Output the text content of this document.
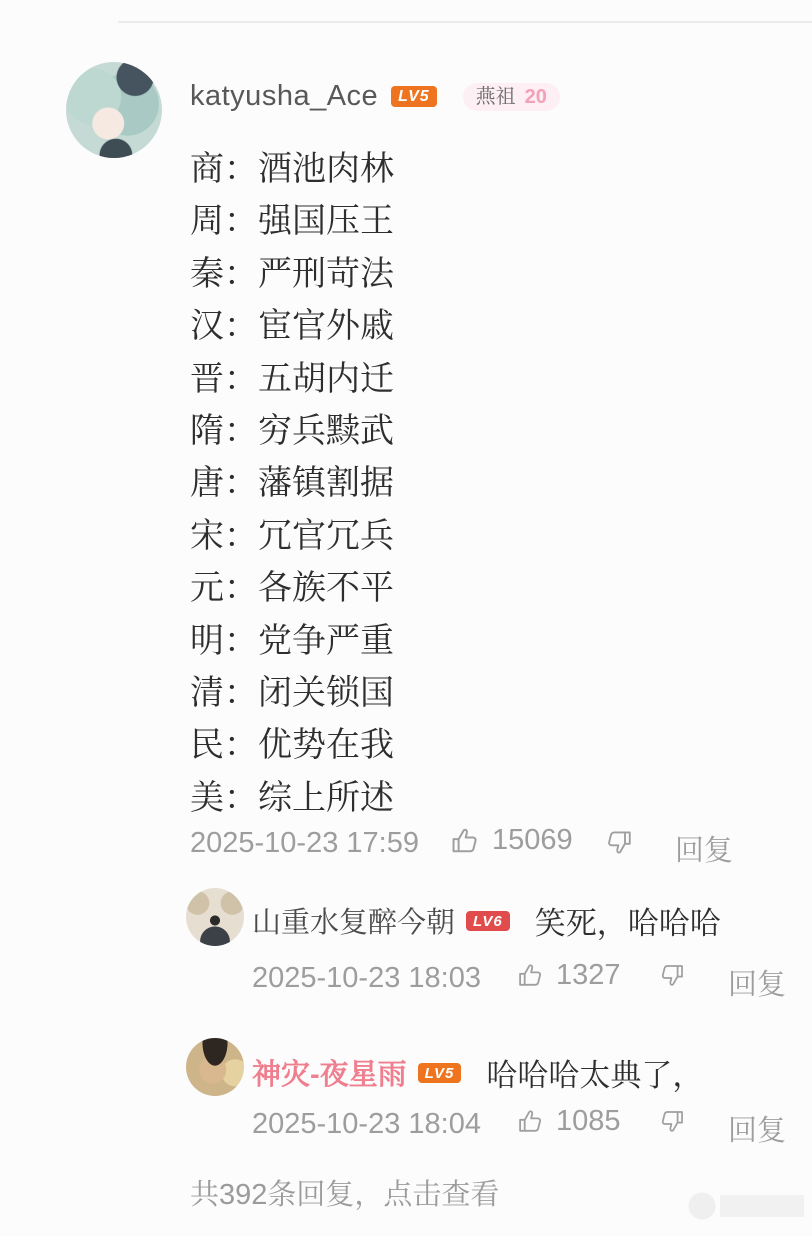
katyusha_Ace	LV5	燕祖 20
商：酒池肉林
周：强国压王
秦：严刑苛法
汉：宦官外戚
晋：五胡内迁
隋：穷兵黩武
唐：藩镇割据
宋：冗官冗兵
元：各族不平
明：党争严重
清：闭关锁国
民：优势在我
美：综上所述
2025-10-23 17:59	15069	回复
山重水复醉今朝	LV6 笑死，哈哈哈
2025-10-23 18:03	1327	回复
神灾-夜星雨	LV5 哈哈哈太典了，
2025-10-23 18:04	1085	回复
共392条回复，点击查看
